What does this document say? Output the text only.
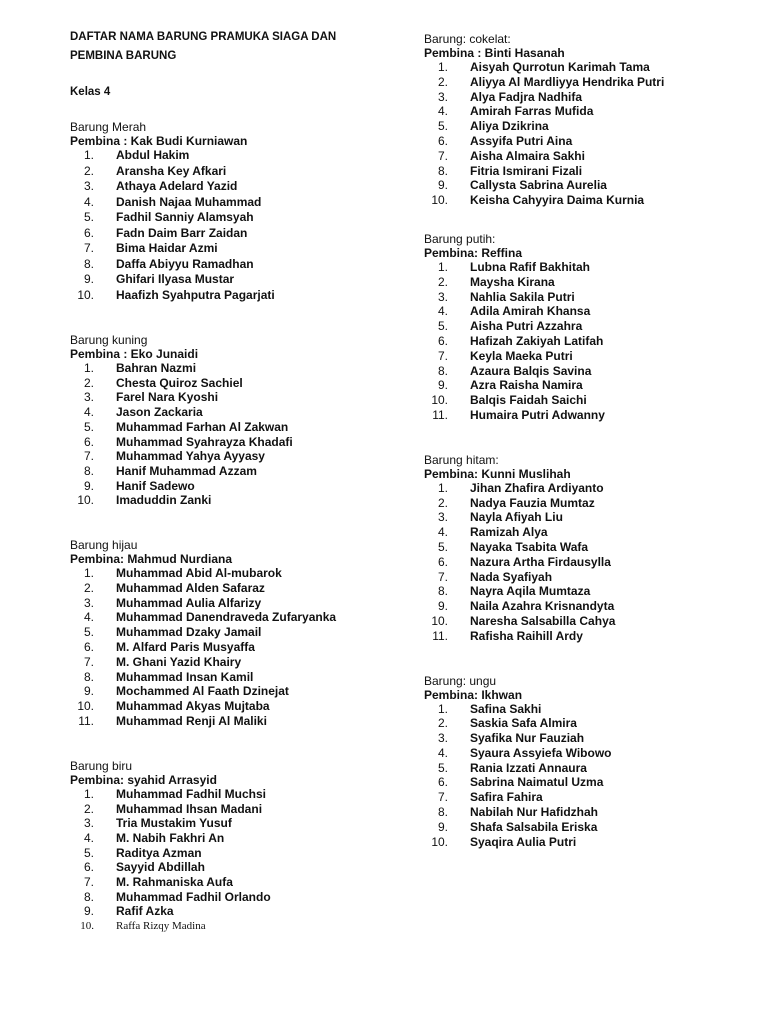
DAFTAR NAMA BARUNG PRAMUKA SIAGA DAN
PEMBINA BARUNG
Kelas 4
Barung Merah
Pembina : Kak Budi Kurniawan
1. Abdul Hakim
2. Aransha Key Afkari
3. Athaya Adelard Yazid
4. Danish Najaa Muhammad
5. Fadhil Sanniy Alamsyah
6. Fadn Daim Barr Zaidan
7. Bima Haidar Azmi
8. Daffa Abiyyu Ramadhan
9. Ghifari Ilyasa Mustar
10. Haafizh Syahputra Pagarjati
Barung kuning
Pembina : Eko Junaidi
1. Bahran Nazmi
2. Chesta Quiroz Sachiel
3. Farel Nara Kyoshi
4. Jason Zackaria
5. Muhammad Farhan Al Zakwan
6. Muhammad Syahrayza Khadafi
7. Muhammad Yahya Ayyasy
8. Hanif Muhammad Azzam
9. Hanif Sadewo
10. Imaduddin Zanki
Barung hijau
Pembina: Mahmud Nurdiana
1. Muhammad Abid Al-mubarok
2. Muhammad Alden Safaraz
3. Muhammad Aulia Alfarizy
4. Muhammad Danendraveda Zufaryanka
5. Muhammad Dzaky Jamail
6. M. Alfard Paris Musyaffa
7. M. Ghani Yazid Khairy
8. Muhammad Insan Kamil
9. Mochammed Al Faath Dzinejat
10. Muhammad Akyas Mujtaba
11. Muhammad Renji Al Maliki
Barung biru
Pembina: syahid Arrasyid
1. Muhammad Fadhil Muchsi
2. Muhammad Ihsan Madani
3. Tria Mustakim Yusuf
4. M. Nabih Fakhri An
5. Raditya Azman
6. Sayyid Abdillah
7. M. Rahmaniska Aufa
8. Muhammad Fadhil Orlando
9. Rafif Azka
10. Raffa Rizqy Madina
Barung: cokelat:
Pembina : Binti Hasanah
1. Aisyah Qurrotun Karimah Tama
2. Aliyya Al Mardliyya Hendrika Putri
3. Alya Fadjra Nadhifa
4. Amirah Farras Mufida
5. Aliya Dzikrina
6. Assyifa Putri Aina
7. Aisha Almaira Sakhi
8. Fitria Ismirani Fizali
9. Callysta Sabrina Aurelia
10. Keisha Cahyyira Daima Kurnia
Barung putih:
Pembina: Reffina
1. Lubna Rafif Bakhitah
2. Maysha Kirana
3. Nahlia Sakila Putri
4. Adila Amirah Khansa
5. Aisha Putri Azzahra
6. Hafizah Zakiyah Latifah
7. Keyla Maeka Putri
8. Azaura Balqis Savina
9. Azra Raisha Namira
10. Balqis Faidah Saichi
11. Humaira Putri Adwanny
Barung hitam:
Pembina: Kunni Muslihah
1. Jihan Zhafira Ardiyanto
2. Nadya Fauzia Mumtaz
3. Nayla Afiyah Liu
4. Ramizah Alya
5. Nayaka Tsabita Wafa
6. Nazura Artha Firdausylla
7. Nada Syafiyah
8. Nayra Aqila Mumtaza
9. Naila Azahra Krisnandyta
10. Naresha Salsabilla Cahya
11. Rafisha Raihill Ardy
Barung: ungu
Pembina: Ikhwan
1. Safina Sakhi
2. Saskia Safa Almira
3. Syafika Nur Fauziah
4. Syaura Assyiefa Wibowo
5. Rania Izzati Annaura
6. Sabrina Naimatul Uzma
7. Safira Fahira
8. Nabilah Nur Hafidzhah
9. Shafa Salsabila Eriska
10. Syaqira Aulia Putri
